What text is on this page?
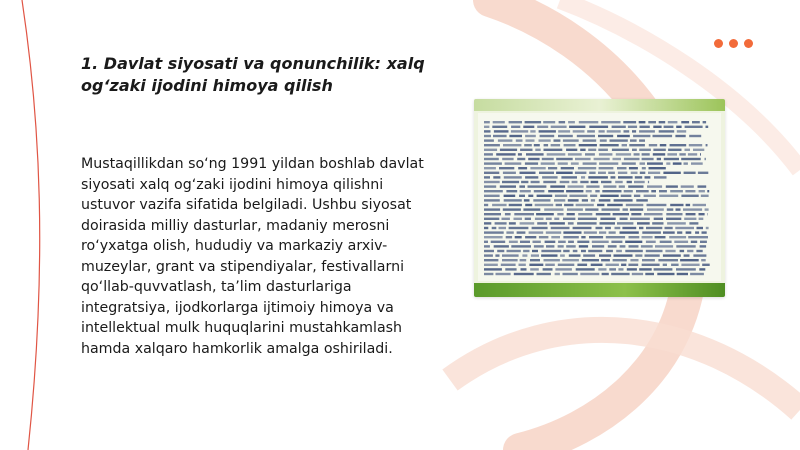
1. Davlat siyosati va qonunchilik: xalq og‘zaki ijodini himoya qilish

Mustaqillikdan so‘ng 1991 yildan boshlab davlat siyosati xalq og‘zaki ijodini himoya qilishni ustuvor vazifa sifatida belgiladi. Ushbu siyosat doirasida milliy dasturlar, madaniy merosni ro‘yxatga olish, hududiy va markaziy arxiv-muzeylar, grant va stipendiyalar, festivallarni qo‘llab-quvvatlash, ta’lim dasturlariga integratsiya, ijodkorlarga ijtimoiy himoya va intellektual mulk huquqlarini mustahkamlash hamda xalqaro hamkorlik amalga oshiriladi.
